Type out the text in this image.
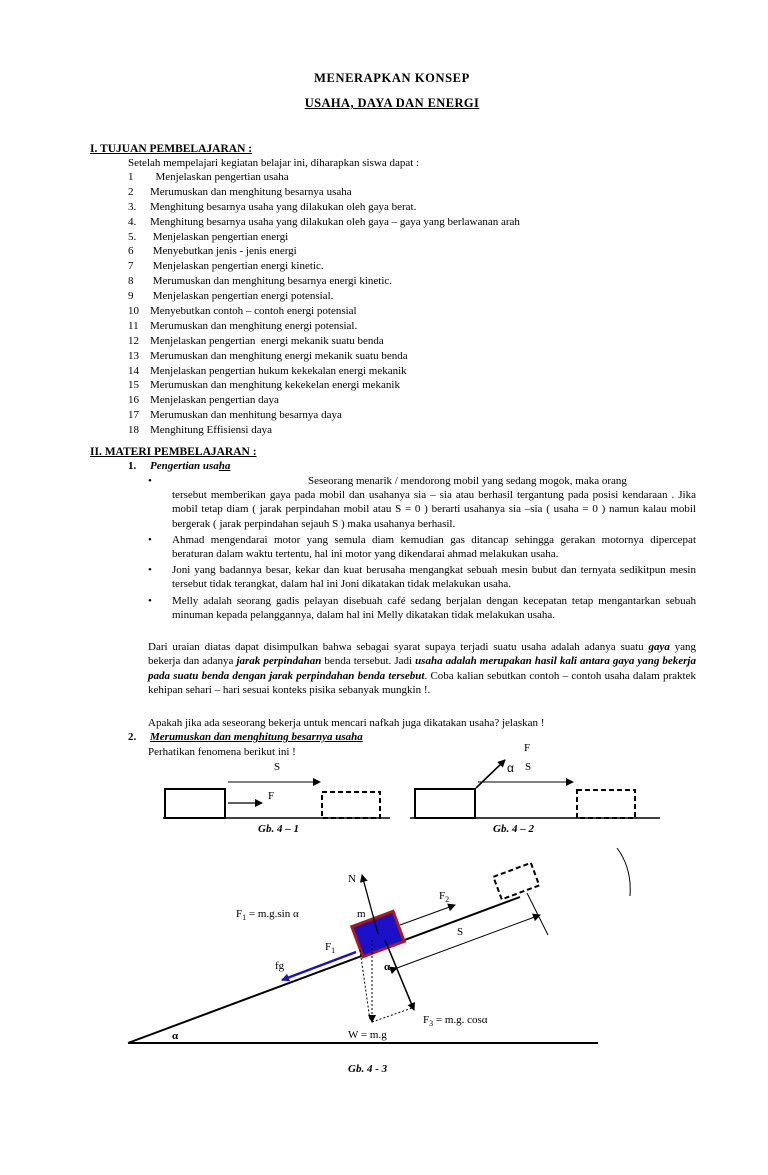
MENERAPKAN KONSEP
USAHA, DAYA DAN ENERGI
I. TUJUAN PEMBELAJARAN :
Setelah mempelajari kegiatan belajar ini, diharapkan siswa dapat :
1  Menjelaskan pengertian usaha
2 Merumuskan dan menghitung besarnya usaha
3. Menghitung besarnya usaha yang dilakukan oleh gaya berat.
4. Menghitung besarnya usaha yang dilakukan oleh gaya – gaya yang berlawanan arah
5. Menjelaskan pengertian energi
6 Menyebutkan jenis - jenis energi
7 Menjelaskan pengertian energi kinetic.
8 Merumuskan dan menghitung besarnya energi kinetic.
9 Menjelaskan pengertian energi potensial.
10 Menyebutkan contoh – contoh energi potensial
11 Merumuskan dan menghitung energi potensial.
12 Menjelaskan pengertian  energi mekanik suatu benda
13 Merumuskan dan menghitung energi mekanik suatu benda
14 Menjelaskan pengertian hukum kekekalan energi mekanik
15 Merumuskan dan menghitung kekekelan energi mekanik
16 Menjelaskan pengertian daya
17 Merumuskan dan menhitung besarnya daya
18 Menghitung Effisiensi daya
II. MATERI PEMBELAJARAN :
1. Pengertian usaha
•	Seseorang menarik / mendorong mobil yang sedang mogok, maka orang
tersebut memberikan gaya pada mobil dan usahanya sia – sia atau berhasil tergantung pada posisi kendaraan . Jika mobil tetap diam ( jarak perpindahan mobil atau S = 0 ) berarti usahanya sia –sia ( usaha = 0 ) namun kalau mobil bergerak ( jarak perpindahan sejauh S ) maka usahanya berhasil.
• Ahmad mengendarai motor yang semula diam kemudian gas ditancap sehingga gerakan motornya dipercepat beraturan dalam waktu tertentu, hal ini motor yang dikendarai ahmad melakukan usaha.
• Joni yang badannya besar, kekar dan kuat berusaha mengangkat sebuah mesin bubut dan ternyata sedikitpun mesin tersebut tidak terangkat, dalam hal ini Joni dikatakan tidak melakukan usaha.
• Melly adalah seorang gadis pelayan disebuah café sedang berjalan dengan kecepatan tetap mengantarkan sebuah minuman kepada pelanggannya, dalam hal ini Melly dikatakan tidak melakukan usaha.
Dari uraian diatas dapat disimpulkan bahwa sebagai syarat supaya terjadi suatu usaha adalah adanya suatu gaya yang bekerja dan adanya jarak perpindahan benda tersebut. Jadi usaha adalah merupakan hasil kali antara gaya yang bekerja pada suatu benda dengan jarak perpindahan benda tersebut. Coba kalian sebutkan contoh – contoh usaha dalam praktek kehipan sehari – hari sesuai konteks pisika sebanyak mungkin !.
Apakah jika ada seseorang bekerja untuk mencari nafkah juga dikatakan usaha? jelaskan !
2. Merumuskan dan menghitung besarnya usaha
Perhatikan fenomena berikut ini !
S
F
Gb. 4 – 1
F
α S
Gb. 4 – 2
N
$F_2$
$F_1 = m.g.\sin$ α	m
S
$F_1$
fg	α
$F_3 = m.g$. cosα
α	W = m.g
Gb. 4 - 3
